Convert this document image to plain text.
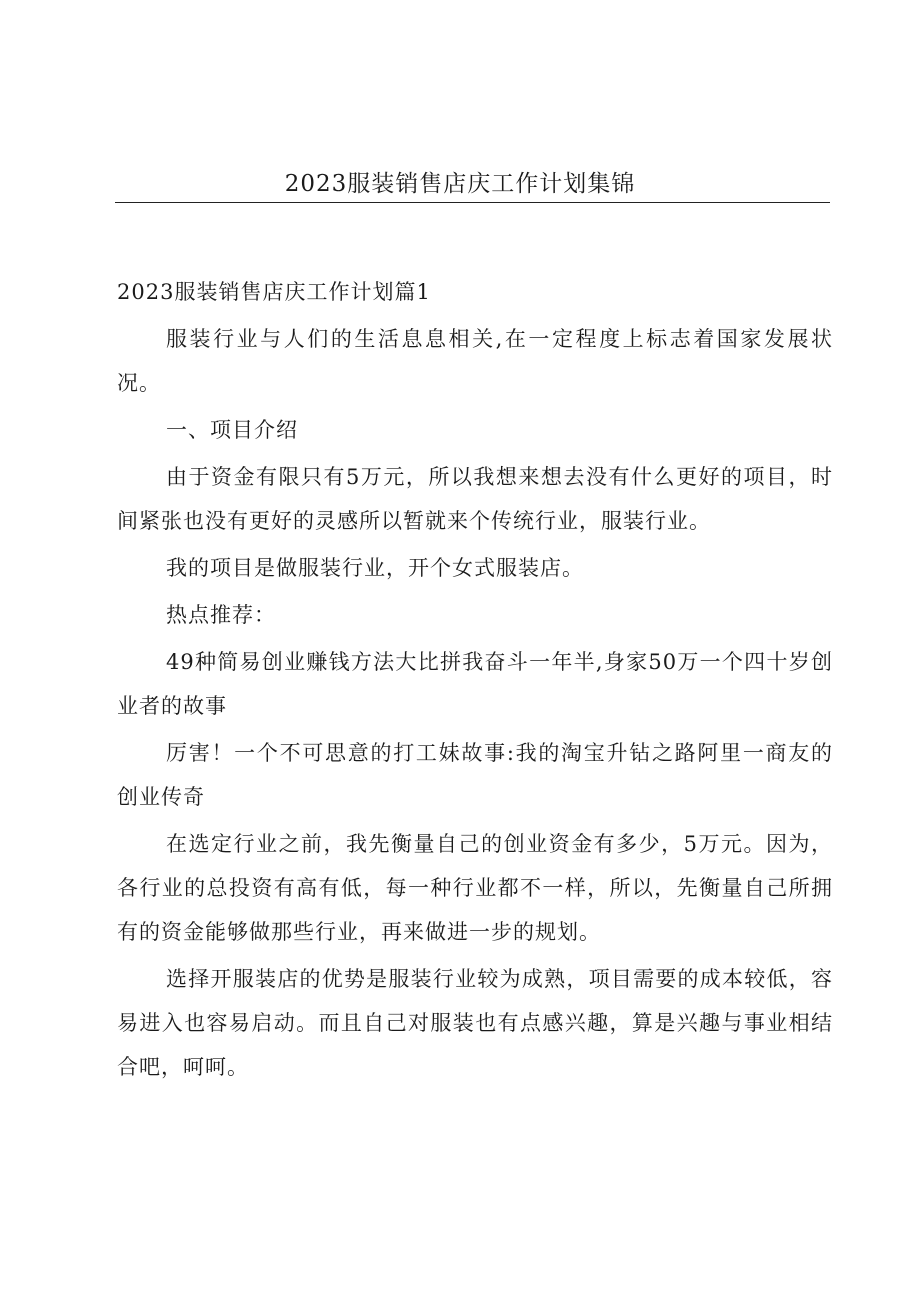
2023服装销售店庆工作计划集锦
2023服装销售店庆工作计划篇1

服装行业与人们的生活息息相关,在一定程度上标志着国家发展状况。

一、项目介绍

由于资金有限只有5万元，所以我想来想去没有什么更好的项目，时间紧张也没有更好的灵感所以暂就来个传统行业，服装行业。

我的项目是做服装行业，开个女式服装店。

热点推荐：

49种简易创业赚钱方法大比拼我奋斗一年半,身家50万一个四十岁创业者的故事

厉害！一个不可思意的打工妹故事:我的淘宝升钻之路阿里一商友的创业传奇

在选定行业之前，我先衡量自己的创业资金有多少，5万元。因为，各行业的总投资有高有低，每一种行业都不一样，所以，先衡量自己所拥有的资金能够做那些行业，再来做进一步的规划。

选择开服装店的优势是服装行业较为成熟，项目需要的成本较低，容易进入也容易启动。而且自己对服装也有点感兴趣，算是兴趣与事业相结合吧，呵呵。
